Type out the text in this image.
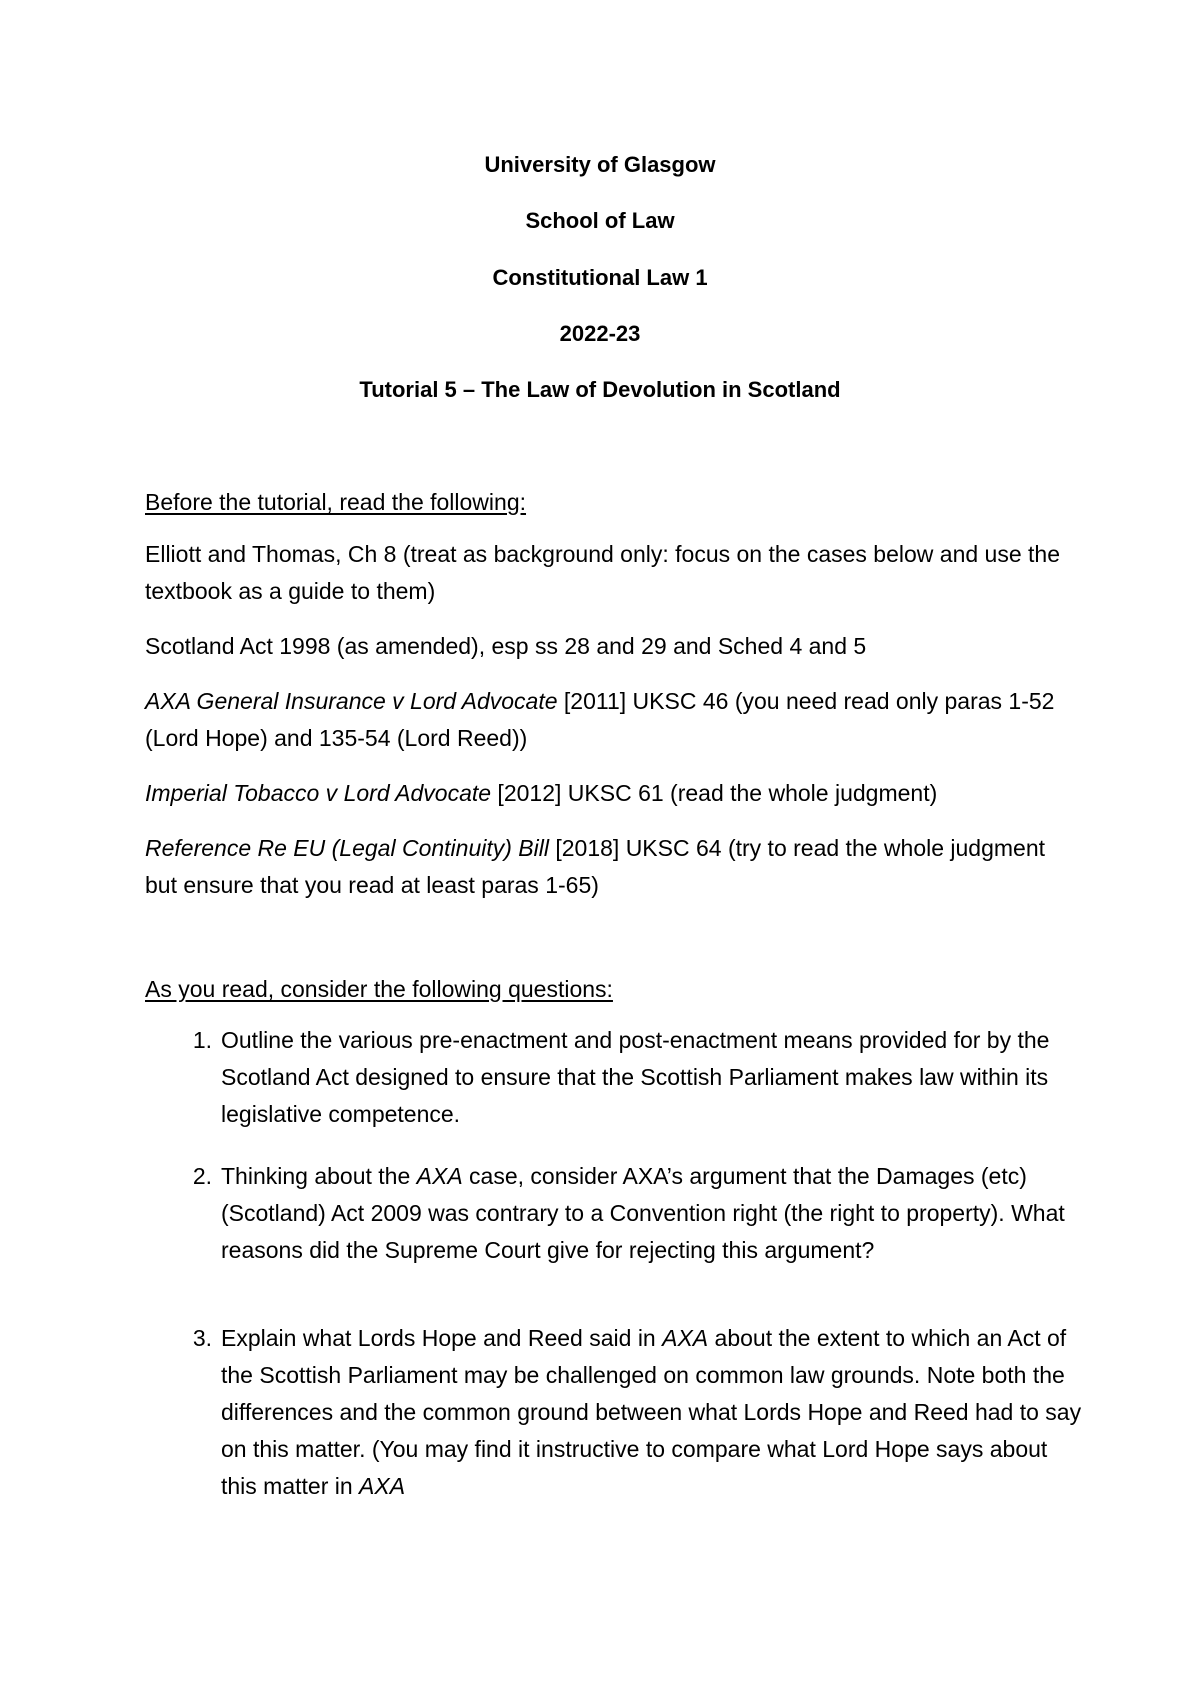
University of Glasgow
School of Law
Constitutional Law 1
2022-23
Tutorial 5 – The Law of Devolution in Scotland
Before the tutorial, read the following:
Elliott and Thomas, Ch 8 (treat as background only: focus on the cases below and use the textbook as a guide to them)
Scotland Act 1998 (as amended), esp ss 28 and 29 and Sched 4 and 5
AXA General Insurance v Lord Advocate [2011] UKSC 46 (you need read only paras 1-52 (Lord Hope) and 135-54 (Lord Reed))
Imperial Tobacco v Lord Advocate [2012] UKSC 61 (read the whole judgment)
Reference Re EU (Legal Continuity) Bill [2018] UKSC 64 (try to read the whole judgment but ensure that you read at least paras 1-65)
As you read, consider the following questions:
1. Outline the various pre-enactment and post-enactment means provided for by the Scotland Act designed to ensure that the Scottish Parliament makes law within its legislative competence.
2. Thinking about the AXA case, consider AXA’s argument that the Damages (etc) (Scotland) Act 2009 was contrary to a Convention right (the right to property). What reasons did the Supreme Court give for rejecting this argument?
3. Explain what Lords Hope and Reed said in AXA about the extent to which an Act of the Scottish Parliament may be challenged on common law grounds. Note both the differences and the common ground between what Lords Hope and Reed had to say on this matter. (You may find it instructive to compare what Lord Hope says about this matter in AXA
